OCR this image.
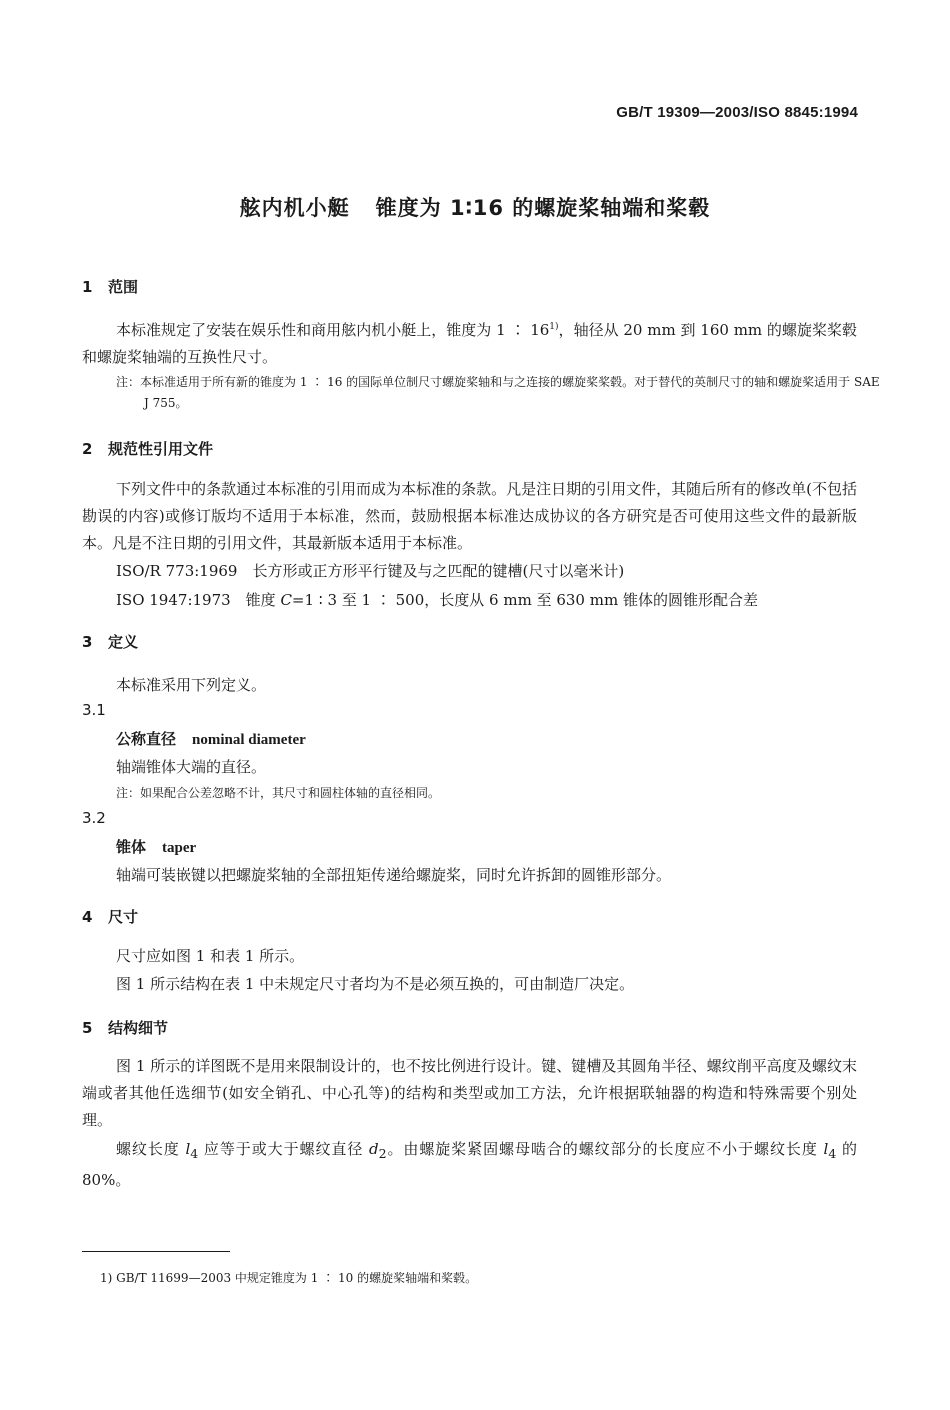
GB/T 19309—2003/ISO 8845:1994
舷内机小艇 锥度为 1∶16 的螺旋桨轴端和桨毂
1 范围
本标准规定了安装在娱乐性和商用舷内机小艇上，锥度为 1 ∶ 16$^{1)}$，轴径从 20 mm 到 160 mm 的螺旋桨桨毂和螺旋桨轴端的互换性尺寸。
注：本标准适用于所有新的锥度为 1 ∶ 16 的国际单位制尺寸螺旋桨轴和与之连接的螺旋桨桨毂。对于替代的英制尺寸的轴和螺旋桨适用于 SAE J 755。
2 规范性引用文件
下列文件中的条款通过本标准的引用而成为本标准的条款。凡是注日期的引用文件，其随后所有的修改单(不包括勘误的内容)或修订版均不适用于本标准，然而，鼓励根据本标准达成协议的各方研究是否可使用这些文件的最新版本。凡是不注日期的引用文件，其最新版本适用于本标准。
ISO/R 773:1969　长方形或正方形平行键及与之匹配的键槽(尺寸以毫米计)
ISO 1947:1973　锥度 C=1 ∶ 3 至 1 ∶ 500，长度从 6 mm 至 630 mm 锥体的圆锥形配合差
3 定义
本标准采用下列定义。
3.1
公称直径 nominal diameter
轴端锥体大端的直径。
注：如果配合公差忽略不计，其尺寸和圆柱体轴的直径相同。
3.2
锥体 taper
轴端可装嵌键以把螺旋桨轴的全部扭矩传递给螺旋桨，同时允许拆卸的圆锥形部分。
4 尺寸
尺寸应如图 1 和表 1 所示。
图 1 所示结构在表 1 中未规定尺寸者均为不是必须互换的，可由制造厂决定。
5 结构细节
图 1 所示的详图既不是用来限制设计的，也不按比例进行设计。键、键槽及其圆角半径、螺纹削平高度及螺纹末端或者其他任选细节(如安全销孔、中心孔等)的结构和类型或加工方法，允许根据联轴器的构造和特殊需要个别处理。
螺纹长度 $l_4$ 应等于或大于螺纹直径 $d_2$。由螺旋桨紧固螺母啮合的螺纹部分的长度应不小于螺纹长度 $l_4$ 的 80%。
1) GB/T 11699—2003 中规定锥度为 1 ∶ 10 的螺旋桨轴端和桨毂。
